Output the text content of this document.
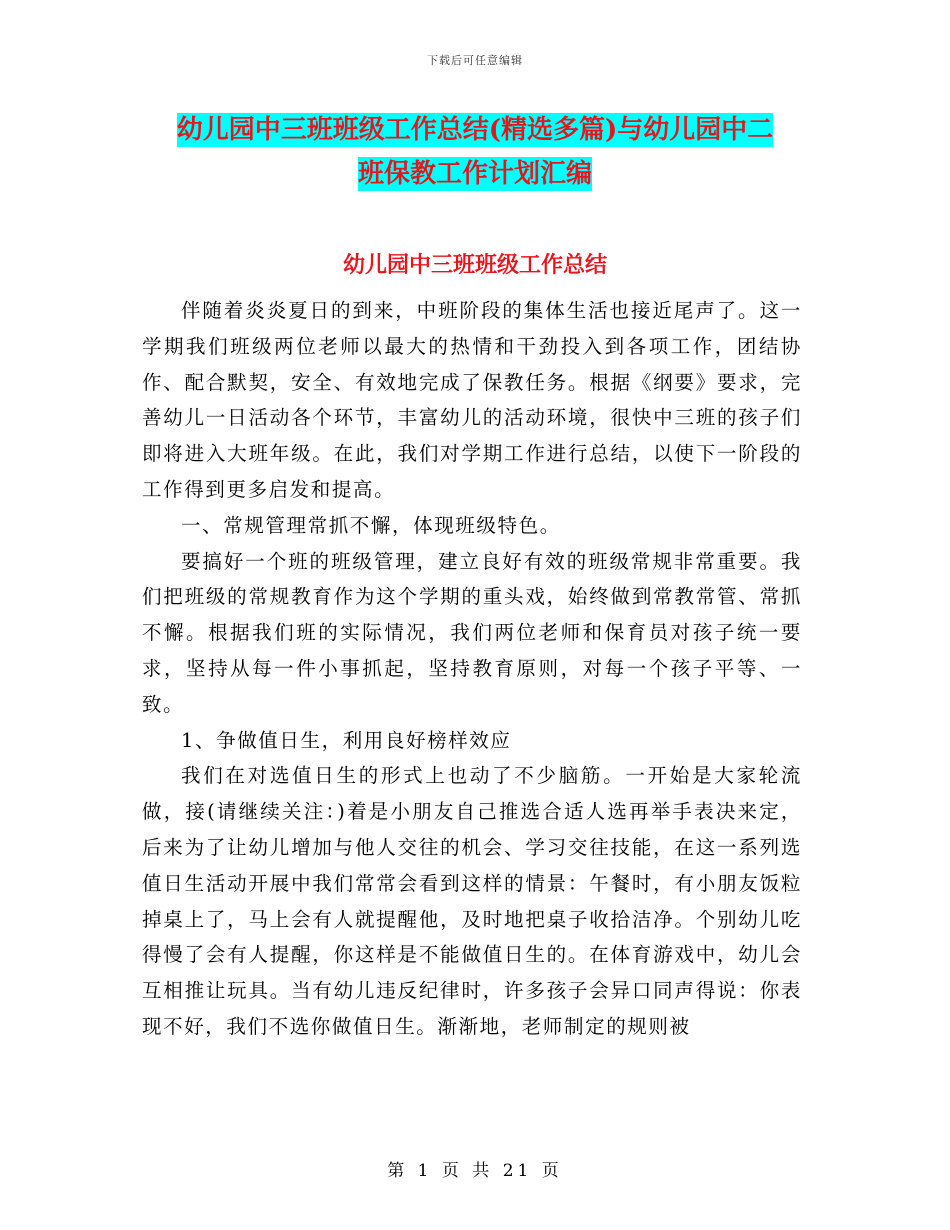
下载后可任意编辑
幼儿园中三班班级工作总结(精选多篇)与幼儿园中二
班保教工作计划汇编
幼儿园中三班班级工作总结

伴随着炎炎夏日的到来，中班阶段的集体生活也接近尾声了。这一学期我们班级两位老师以最大的热情和干劲投入到各项工作，团结协作、配合默契，安全、有效地完成了保教任务。根据《纲要》要求，完善幼儿一日活动各个环节，丰富幼儿的活动环境，很快中三班的孩子们即将进入大班年级。在此，我们对学期工作进行总结，以使下一阶段的工作得到更多启发和提高。

一、常规管理常抓不懈，体现班级特色。

要搞好一个班的班级管理，建立良好有效的班级常规非常重要。我们把班级的常规教育作为这个学期的重头戏，始终做到常教常管、常抓不懈。根据我们班的实际情况，我们两位老师和保育员对孩子统一要求，坚持从每一件小事抓起，坚持教育原则，对每一个孩子平等、一致。

1、争做值日生，利用良好榜样效应

我们在对选值日生的形式上也动了不少脑筋。一开始是大家轮流做，接(请继续关注：)着是小朋友自己推选合适人选再举手表决来定，后来为了让幼儿增加与他人交往的机会、学习交往技能，在这一系列选值日生活动开展中我们常常会看到这样的情景：午餐时，有小朋友饭粒掉桌上了，马上会有人就提醒他，及时地把桌子收拾洁净。个别幼儿吃得慢了会有人提醒，你这样是不能做值日生的。在体育游戏中，幼儿会互相推让玩具。当有幼儿违反纪律时，许多孩子会异口同声得说：你表现不好，我们不选你做值日生。渐渐地，老师制定的规则被

第 1 页 共 21 页
